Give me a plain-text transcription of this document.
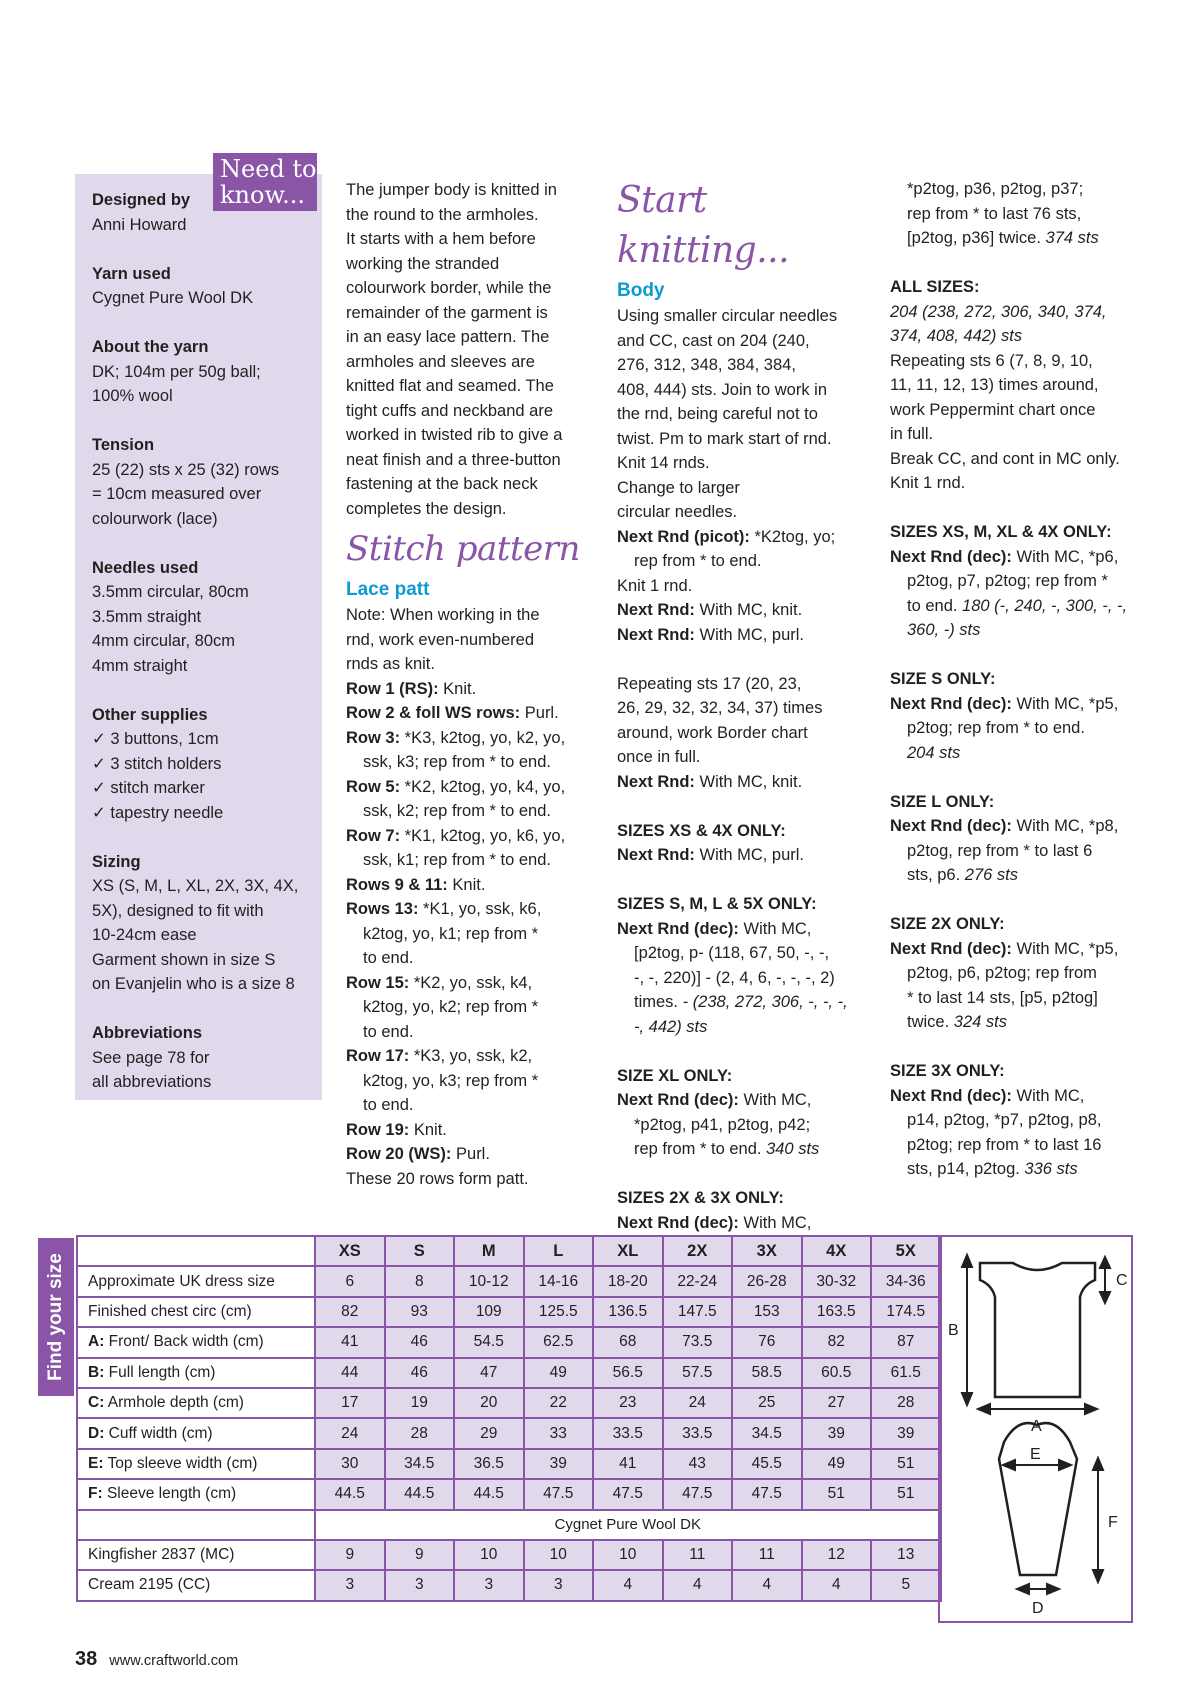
Need to
know...
Designed by
Anni Howard
Yarn used
Cygnet Pure Wool DK
About the yarn
DK; 104m per 50g ball;
100% wool
Tension
25 (22) sts x 25 (32) rows
= 10cm measured over
colourwork (lace)
Needles used
3.5mm circular, 80cm
3.5mm straight
4mm circular, 80cm
4mm straight
Other supplies
✓ 3 buttons, 1cm
✓ 3 stitch holders
✓ stitch marker
✓ tapestry needle
Sizing
XS (S, M, L, XL, 2X, 3X, 4X,
5X), designed to fit with
10-24cm ease
Garment shown in size S
on Evanjelin who is a size 8
Abbreviations
See page 78 for
all abbreviations

The jumper body is knitted in

the round to the armholes.

It starts with a hem before

working the stranded

colourwork border, while the

remainder of the garment is

in an easy lace pattern. The

armholes and sleeves are

knitted flat and seamed. The

tight cuffs and neckband are

worked in twisted rib to give a

neat finish and a three-button

fastening at the back neck

completes the design.

Stitch pattern
Lace patt

Note: When working in the

rnd, work even-numbered

rnds as knit.

Row 1 (RS): Knit.

Row 2 & foll WS rows: Purl.

Row 3: *K3, k2tog, yo, k2, yo,

ssk, k3; rep from * to end.

Row 5: *K2, k2tog, yo, k4, yo,

ssk, k2; rep from * to end.

Row 7: *K1, k2tog, yo, k6, yo,

ssk, k1; rep from * to end.

Rows 9 & 11: Knit.

Rows 13: *K1, yo, ssk, k6,

k2tog, yo, k1; rep from *

to end.

Row 15: *K2, yo, ssk, k4,

k2tog, yo, k2; rep from *

to end.

Row 17: *K3, yo, ssk, k2,

k2tog, yo, k3; rep from *

to end.

Row 19: Knit.

Row 20 (WS): Purl.

These 20 rows form patt.

Start knitting...
Body

Using smaller circular needles

and CC, cast on 204 (240,

276, 312, 348, 384, 384,

408, 444) sts. Join to work in

the rnd, being careful not to

twist. Pm to mark start of rnd.

Knit 14 rnds.

Change to larger

circular needles.

Next Rnd (picot): *K2tog, yo;

rep from * to end.

Knit 1 rnd.

Next Rnd: With MC, knit.

Next Rnd: With MC, purl.

Repeating sts 17 (20, 23,

26, 29, 32, 32, 34, 37) times

around, work Border chart

once in full.

Next Rnd: With MC, knit.

SIZES XS & 4X ONLY:

Next Rnd: With MC, purl.

SIZES S, M, L & 5X ONLY:

Next Rnd (dec): With MC,

[p2tog, p- (118, 67, 50, -, -,

-, -, 220)] - (2, 4, 6, -, -, -, 2)

times. - (238, 272, 306, -, -, -,

-, 442) sts

SIZE XL ONLY:

Next Rnd (dec): With MC,

*p2tog, p41, p2tog, p42;

rep from * to end. 340 sts

SIZES 2X & 3X ONLY:

Next Rnd (dec): With MC,

*p2tog, p36, p2tog, p37;

rep from * to last 76 sts,

[p2tog, p36] twice. 374 sts

ALL SIZES:

204 (238, 272, 306, 340, 374,

374, 408, 442) sts

Repeating sts 6 (7, 8, 9, 10,

11, 11, 12, 13) times around,

work Peppermint chart once

in full.

Break CC, and cont in MC only.

Knit 1 rnd.

SIZES XS, M, XL & 4X ONLY:

Next Rnd (dec): With MC, *p6,

p2tog, p7, p2tog; rep from *

to end. 180 (-, 240, -, 300, -, -,

360, -) sts

SIZE S ONLY:

Next Rnd (dec): With MC, *p5,

p2tog; rep from * to end.

204 sts

SIZE L ONLY:

Next Rnd (dec): With MC, *p8,

p2tog, rep from * to last 6

sts, p6. 276 sts

SIZE 2X ONLY:

Next Rnd (dec): With MC, *p5,

p2tog, p6, p2tog; rep from

* to last 14 sts, [p5, p2tog]

twice. 324 sts

SIZE 3X ONLY:

Next Rnd (dec): With MC,

p14, p2tog, *p7, p2tog, p8,

p2tog; rep from * to last 16

sts, p14, p2tog. 336 sts

Find your size
	XS	S	M	L	XL	2X	3X	4X	5X
Approximate UK dress size	6	8	10-12	14-16	18-20	22-24	26-28	30-32	34-36
Finished chest circ (cm)	82	93	109	125.5	136.5	147.5	153	163.5	174.5
A: Front/ Back width (cm)	41	46	54.5	62.5	68	73.5	76	82	87
B: Full length (cm)	44	46	47	49	56.5	57.5	58.5	60.5	61.5
C: Armhole depth (cm)	17	19	20	22	23	24	25	27	28
D: Cuff width (cm)	24	28	29	33	33.5	33.5	34.5	39	39
E: Top sleeve width (cm)	30	34.5	36.5	39	41	43	45.5	49	51
F: Sleeve length (cm)	44.5	44.5	44.5	47.5	47.5	47.5	47.5	51	51
	Cygnet Pure Wool DK								
Kingfisher 2837 (MC)	9	9	10	10	10	11	11	12	13
Cream 2195 (CC)	3	3	3	3	4	4	4	4	5
B
C
A
E
F
D
38 www.craftworld.com
